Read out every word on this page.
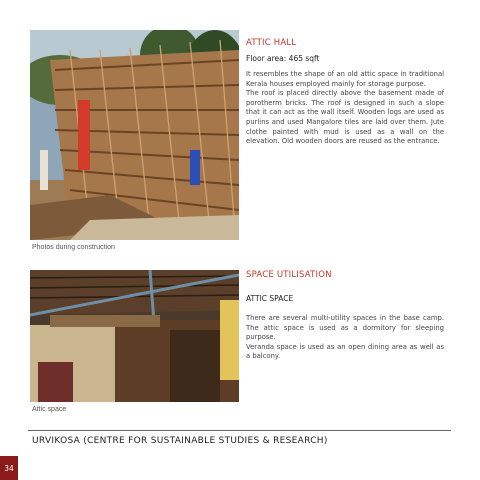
Photos during construction
ATTIC HALL
Floor area: 465 sqft

It resembles the shape of an old attic space in traditional Kerala houses employed mainly for storage purpose.

The roof is placed directly above the basement made of porotherm bricks. The roof is designed in such a slope that it can act as the wall itself. Wooden logs are used as purlins and used Mangalore tiles are laid over them. Jute clothe painted with mud is used as a wall on the elevation. Old wooden doors are reused as the entrance.

Attic space
SPACE UTILISATION
ATTIC SPACE

There are several multi-utility spaces in the base camp. The attic space is used as a dormitory for sleeping purpose.

Veranda space is used as an open dining area as well as a balcony.

URVIKOSA (CENTRE FOR SUSTAINABLE STUDIES & RESEARCH)
34
